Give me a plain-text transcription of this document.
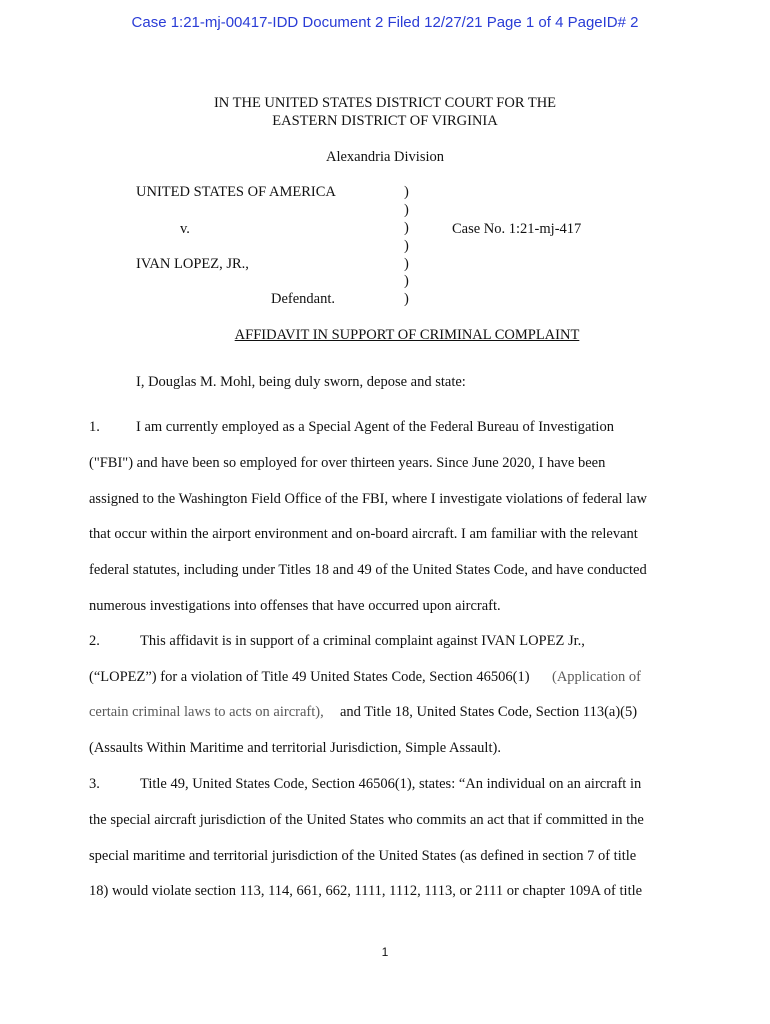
Case 1:21-mj-00417-IDD Document 2 Filed 12/27/21 Page 1 of 4 PageID# 2
IN THE UNITED STATES DISTRICT COURT FOR THE
EASTERN DISTRICT OF VIRGINIA
Alexandria Division
UNITED STATES OF AMERICA
v.
IVAN LOPEZ, JR.,
Defendant.
)
)
)
)
)
)
)
Case No. 1:21-mj-417
AFFIDAVIT IN SUPPORT OF CRIMINAL COMPLAINT
I, Douglas M. Mohl, being duly sworn, depose and state:
1. I am currently employed as a Special Agent of the Federal Bureau of Investigation
("FBI") and have been so employed for over thirteen years. Since June 2020, I have been
assigned to the Washington Field Office of the FBI, where I investigate violations of federal law
that occur within the airport environment and on-board aircraft. I am familiar with the relevant
federal statutes, including under Titles 18 and 49 of the United States Code, and have conducted
numerous investigations into offenses that have occurred upon aircraft.
2.	This affidavit is in support of a criminal complaint against IVAN LOPEZ Jr.,
(“LOPEZ”) for a violation of Title 49 United States Code, Section 46506(1) (Application of
certain criminal laws to acts on aircraft), and Title 18, United States Code, Section 113(a)(5)
(Assaults Within Maritime and territorial Jurisdiction, Simple Assault).
3.	Title 49, United States Code, Section 46506(1), states: “An individual on an aircraft in
the special aircraft jurisdiction of the United States who commits an act that if committed in the
special maritime and territorial jurisdiction of the United States (as defined in section 7 of title
18) would violate section 113, 114, 661, 662, 1111, 1112, 1113, or 2111 or chapter 109A of title
1
